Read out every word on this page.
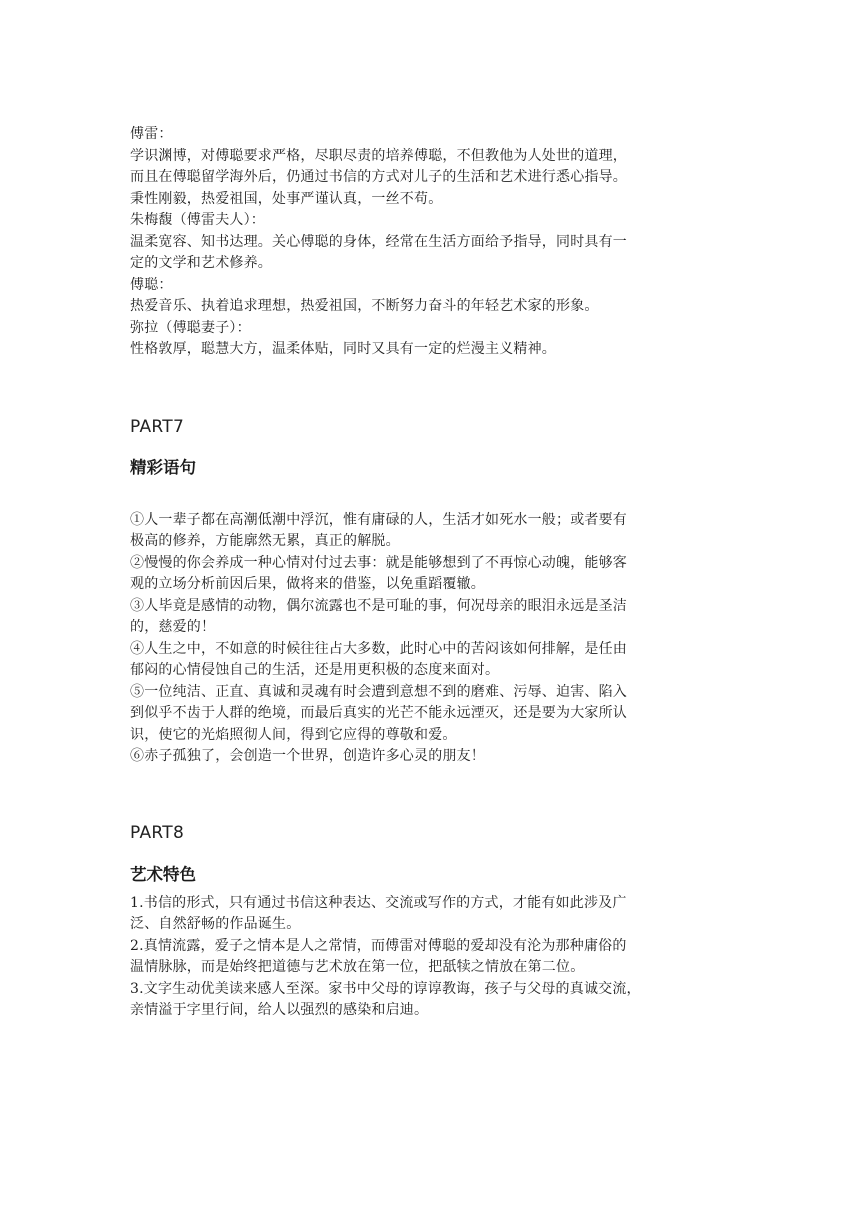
傅雷：
学识渊博，对傅聪要求严格，尽职尽责的培养傅聪，不但教他为人处世的道理，
而且在傅聪留学海外后，仍通过书信的方式对儿子的生活和艺术进行悉心指导。
秉性刚毅，热爱祖国，处事严谨认真，一丝不苟。
朱梅馥（傅雷夫人）：
温柔宽容、知书达理。关心傅聪的身体，经常在生活方面给予指导，同时具有一
定的文学和艺术修养。
傅聪：
热爱音乐、执着追求理想，热爱祖国，不断努力奋斗的年轻艺术家的形象。
弥拉（傅聪妻子）：
性格敦厚，聪慧大方，温柔体贴，同时又具有一定的烂漫主义精神。
PART7
精彩语句
①人一辈子都在高潮低潮中浮沉，惟有庸碌的人，生活才如死水一般；或者要有
极高的修养，方能廓然无累，真正的解脱。
②慢慢的你会养成一种心情对付过去事：就是能够想到了不再惊心动魄，能够客
观的立场分析前因后果，做将来的借鉴，以免重蹈覆辙。
③人毕竟是感情的动物，偶尔流露也不是可耻的事，何况母亲的眼泪永远是圣洁
的，慈爱的！
④人生之中，不如意的时候往往占大多数，此时心中的苦闷该如何排解，是任由
郁闷的心情侵蚀自己的生活，还是用更积极的态度来面对。
⑤一位纯洁、正直、真诚和灵魂有时会遭到意想不到的磨难、污辱、迫害、陷入
到似乎不齿于人群的绝境，而最后真实的光芒不能永远湮灭，还是要为大家所认
识，使它的光焰照彻人间，得到它应得的尊敬和爱。
⑥赤子孤独了，会创造一个世界，创造许多心灵的朋友！
PART8
艺术特色
1.书信的形式，只有通过书信这种表达、交流或写作的方式，才能有如此涉及广
泛、自然舒畅的作品诞生。
2.真情流露，爱子之情本是人之常情，而傅雷对傅聪的爱却没有沦为那种庸俗的
温情脉脉，而是始终把道德与艺术放在第一位，把舐犊之情放在第二位。
3.文字生动优美读来感人至深。家书中父母的谆谆教诲，孩子与父母的真诚交流，
亲情溢于字里行间，给人以强烈的感染和启迪。
